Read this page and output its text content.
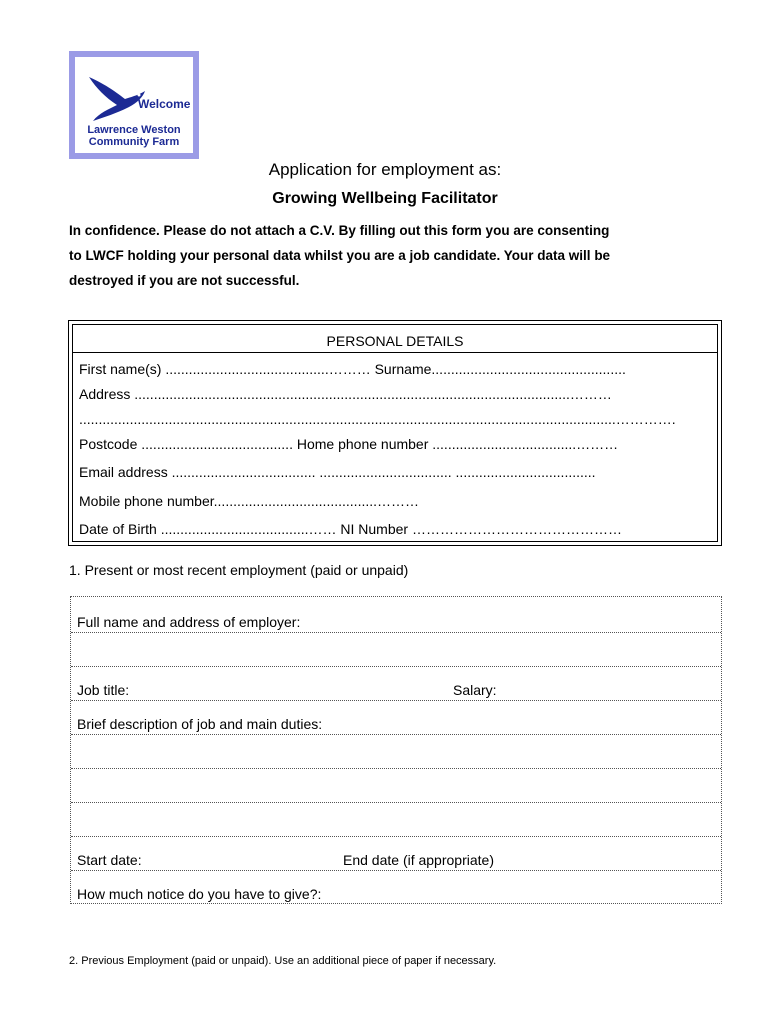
Welcome
Lawrence Weston
Community Farm
Application for employment as:
Growing Wellbeing Facilitator
In confidence. Please do not attach a C.V. By filling out this form you are consenting
to LWCF holding your personal data whilst you are a job candidate. Your data will be
destroyed if you are not successful.
PERSONAL DETAILS
First name(s) ..........................................……… Surname..................................................
Address ................................................................................................................………
..........................................................................................................................................………….
Postcode ....................................... Home phone number .....................................………
Email address ..................................... .................................. ....................................
Mobile phone number..........................................………
Date of Birth ......................................…… NI Number ………………………………………
1. Present or most recent employment (paid or unpaid)
Full name and address of employer:
Job title:	Salary:
Brief description of job and main duties:
Start date:	End date (if appropriate)
How much notice do you have to give?:
2. Previous Employment (paid or unpaid). Use an additional piece of paper if necessary.
